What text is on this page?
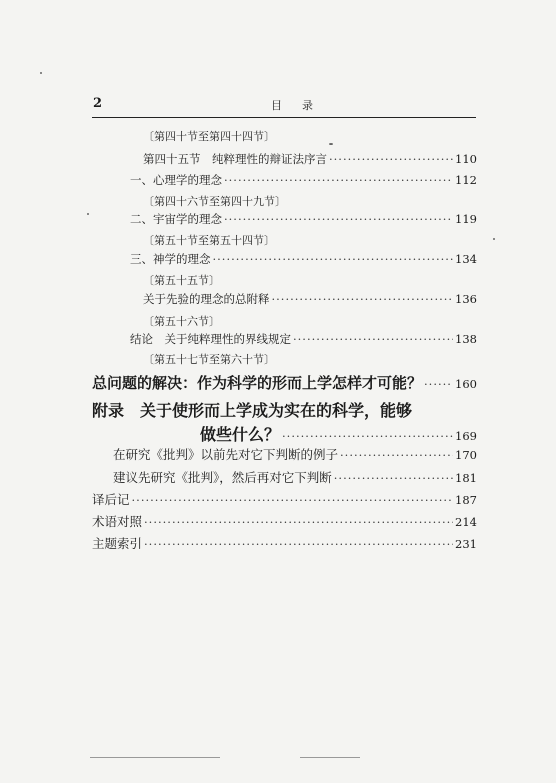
2	目录
〔第四十节至第四十四节〕
第四十五节　纯粹理性的辩证法序言 ·····	110
一、心理学的理念 ·····	112
〔第四十六节至第四十九节〕
二、宇宙学的理念 ·····	119
〔第五十节至第五十四节〕
三、神学的理念 ·····	134
〔第五十五节〕
关于先验的理念的总附释 ·····	136
〔第五十六节〕
结论　关于纯粹理性的界线规定 ·····	138
〔第五十七节至第六十节〕
总问题的解决：作为科学的形而上学怎样才可能？ ·····	160
附录　关于使形而上学成为实在的科学，能够
做些什么？ ·····	169
在研究《批判》以前先对它下判断的例子 ·····	170
建议先研究《批判》，然后再对它下判断 ·····	181
译后记 ·····	187
术语对照 ·····	214
主题索引 ·····	231
